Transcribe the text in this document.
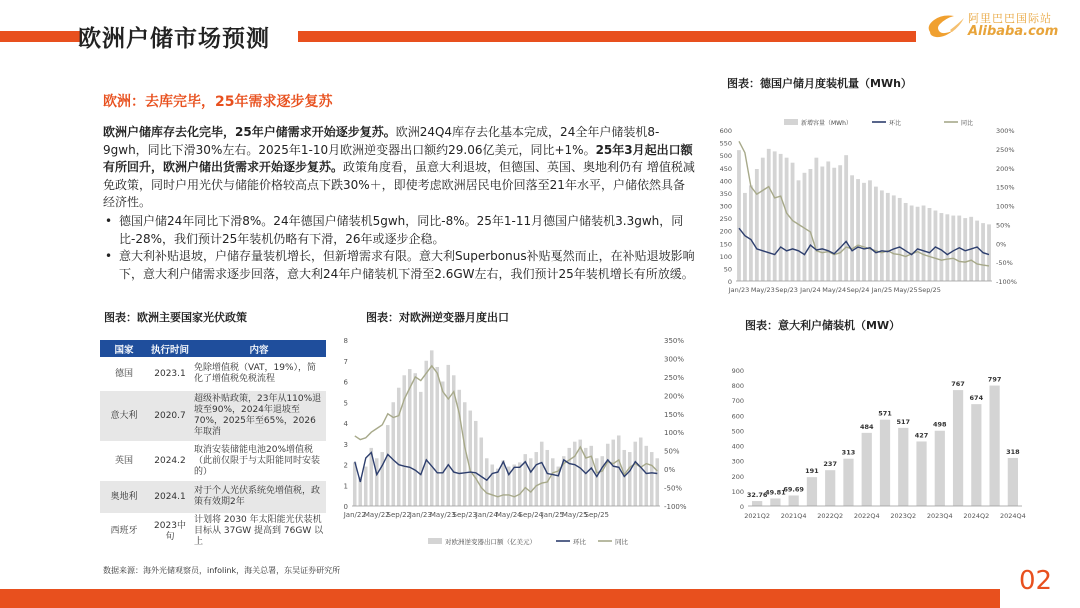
欧洲户储市场预测
阿里巴巴国际站
Alibaba.com
欧洲：去库完毕，25年需求逐步复苏
欧洲户储库存去化完毕，25年户储需求开始逐步复苏。欧洲24Q4库存去化基本完成，24全年户储装机8- 9gwh，同比下滑30%左右。2025年1-10月欧洲逆变器出口额约29.06亿美元，同比+1%。25年3月起出口额有所回升，欧洲户储出货需求开始逐步复苏。政策角度看，虽意大利退坡，但德国、英国、奥地利仍有 增值税减免政策，同时户用光伏与储能价格较高点下跌30%＋，即使考虑欧洲居民电价回落至21年水平，户储依然具备经济性。
• 德国户储24年同比下滑8%。24年德国户储装机5gwh，同比-8%。25年1-11月德国户储装机3.3gwh，同比-28%，我们预计25年装机仍略有下滑，26年或逐步企稳。
• 意大利补贴退坡，户储存量装机增长，但新增需求有限。意大利Superbonus补贴戛然而止，在补贴退坡影响下，意大利户储需求逐步回落，意大利24年户储装机下滑至2.6GW左右，我们预计25年装机增长有所放缓。
图表：欧洲主要国家光伏政策
国家	执行时间	内容
德国	2023.1	免除增值税（VAT，19%），简化了增值税免税流程
意大利	2020.7	超级补贴政策，23年从110%退坡至90%，2024年退坡至70%，2025年至65%，2026年取消
英国	2024.2	取消安装储能电池20%增值税（此前仅限于与太阳能同时安装的）
奥地利	2024.1	对于个人光伏系统免增值税，政策有效期2年
西班牙	2023中旬	计划将 2030 年太阳能光伏装机目标从 37GW 提高到 76GW 以上
数据来源：海外光储观察员，infolink，海关总署，东吴证券研究所
图表：对欧洲逆变器月度出口
图表：德国户储月度装机量（MWh）
图表：意大利户储装机（MW）
0
1
2
3
4
5
6
7
8
-100%
-50%
0%
50%
100%
150%
200%
250%
300%
350%
Jan/22
May/22
Sep/22
Jan/23
May/23
Sep/23
Jan/24
May/24
Sep/24
Jan/25
May/25
Sep/25
对欧洲逆变器出口额（亿美元）	环比	同比
0
50
100
150
200
250
300
350
400
450
500
550
600
-100%
-50%
0%
50%
100%
150%
200%
250%
300%
Jan/23 May/23 Sep/23 Jan/24 May/24 Sep/24 Jan/25 May/25 Sep/25
新增容量（MWh）	环比	同比
0
100
200
300
400
500
600
700
800
900
32.76
49.81
69.69
191
237
313
484
571
517
427
498
767
674
797
318
2021Q2 2021Q4 2022Q2 2022Q4 2023Q2 2023Q4 2024Q2 2024Q4
02
